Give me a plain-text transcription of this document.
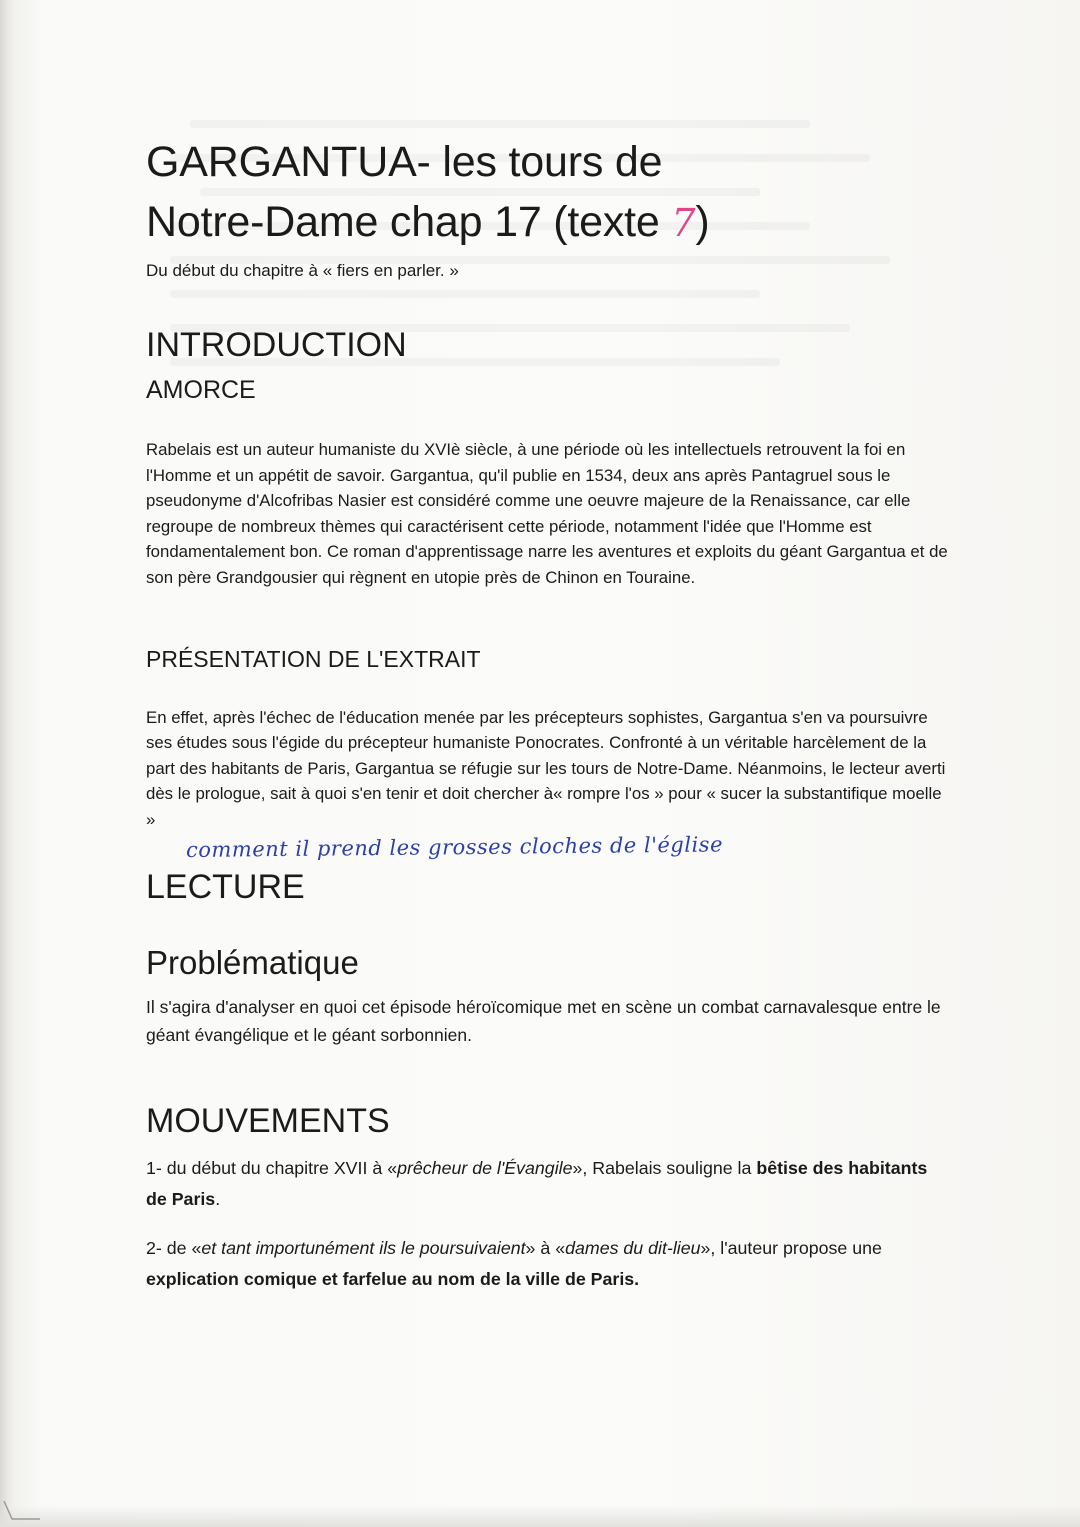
GARGANTUA- les tours de
Notre-Dame chap 17 (texte 7)

Du début du chapitre à « fiers en parler. »

INTRODUCTION
AMORCE

Rabelais est un auteur humaniste du XVIè siècle, à une période où les intellectuels retrouvent la foi en l'Homme et un appétit de savoir. Gargantua, qu'il publie en 1534, deux ans après Pantagruel sous le pseudonyme d'Alcofribas Nasier est considéré comme une oeuvre majeure de la Renaissance, car elle regroupe de nombreux thèmes qui caractérisent cette période, notamment l'idée que l'Homme est fondamentalement bon. Ce roman d'apprentissage narre les aventures et exploits du géant Gargantua et de son père Grandgousier qui règnent en utopie près de Chinon en Touraine.

PRÉSENTATION DE L'EXTRAIT

En effet, après l'échec de l'éducation menée par les précepteurs sophistes, Gargantua s'en va poursuivre ses études sous l'égide du précepteur humaniste Ponocrates. Confronté à un véritable harcèlement de la part des habitants de Paris, Gargantua se réfugie sur les tours de Notre-Dame. Néanmoins, le lecteur averti dès le prologue, sait à quoi s'en tenir et doit chercher à« rompre l'os » pour « sucer la substantifique moelle »

comment il prend les grosses cloches de l'église
LECTURE
Problématique

Il s'agira d'analyser en quoi cet épisode héroïcomique met en scène un combat carnavalesque entre le géant évangélique et le géant sorbonnien.

MOUVEMENTS

1- du début du chapitre XVII à «prêcheur de l'Évangile», Rabelais souligne la bêtise des habitants de Paris.

2- de «et tant importunément ils le poursuivaient» à «dames du dit-lieu», l'auteur propose une explication comique et farfelue au nom de la ville de Paris.
